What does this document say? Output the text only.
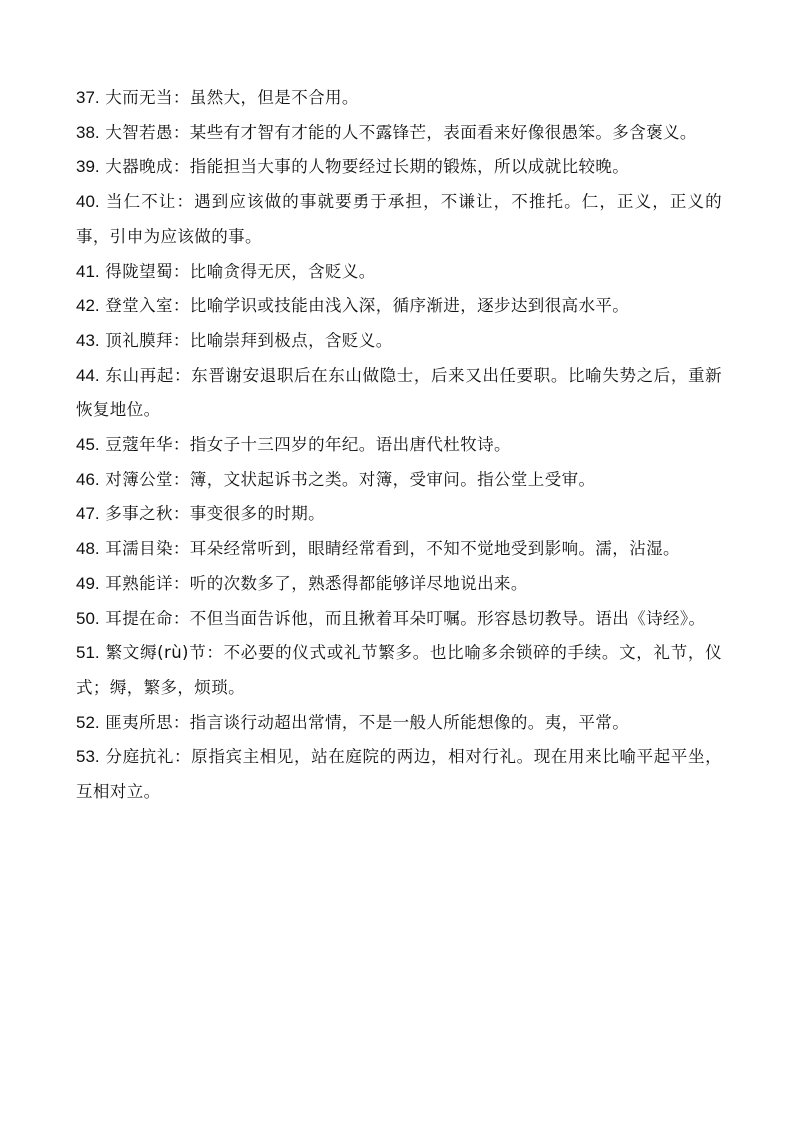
37. 大而无当：虽然大，但是不合用。

38. 大智若愚：某些有才智有才能的人不露锋芒，表面看来好像很愚笨。多含褒义。

39. 大器晚成：指能担当大事的人物要经过长期的锻炼，所以成就比较晚。

40. 当仁不让：遇到应该做的事就要勇于承担，不谦让，不推托。仁，正义，正义的事，引申为应该做的事。

41. 得陇望蜀：比喻贪得无厌，含贬义。

42. 登堂入室：比喻学识或技能由浅入深，循序渐进，逐步达到很高水平。

43. 顶礼膜拜：比喻崇拜到极点，含贬义。

44. 东山再起：东晋谢安退职后在东山做隐士，后来又出任要职。比喻失势之后，重新恢复地位。

45. 豆蔻年华：指女子十三四岁的年纪。语出唐代杜牧诗。

46. 对簿公堂：簿，文状起诉书之类。对簿，受审问。指公堂上受审。

47. 多事之秋：事变很多的时期。

48. 耳濡目染：耳朵经常听到，眼睛经常看到，不知不觉地受到影响。濡，沾湿。

49. 耳熟能详：听的次数多了，熟悉得都能够详尽地说出来。

50. 耳提在命：不但当面告诉他，而且揪着耳朵叮嘱。形容恳切教导。语出《诗经》。

51. 繁文缛(rù)节：不必要的仪式或礼节繁多。也比喻多余锁碎的手续。文，礼节，仪式；缛，繁多，烦琐。

52. 匪夷所思：指言谈行动超出常情，不是一般人所能想像的。夷，平常。

53. 分庭抗礼：原指宾主相见，站在庭院的两边，相对行礼。现在用来比喻平起平坐，互相对立。
